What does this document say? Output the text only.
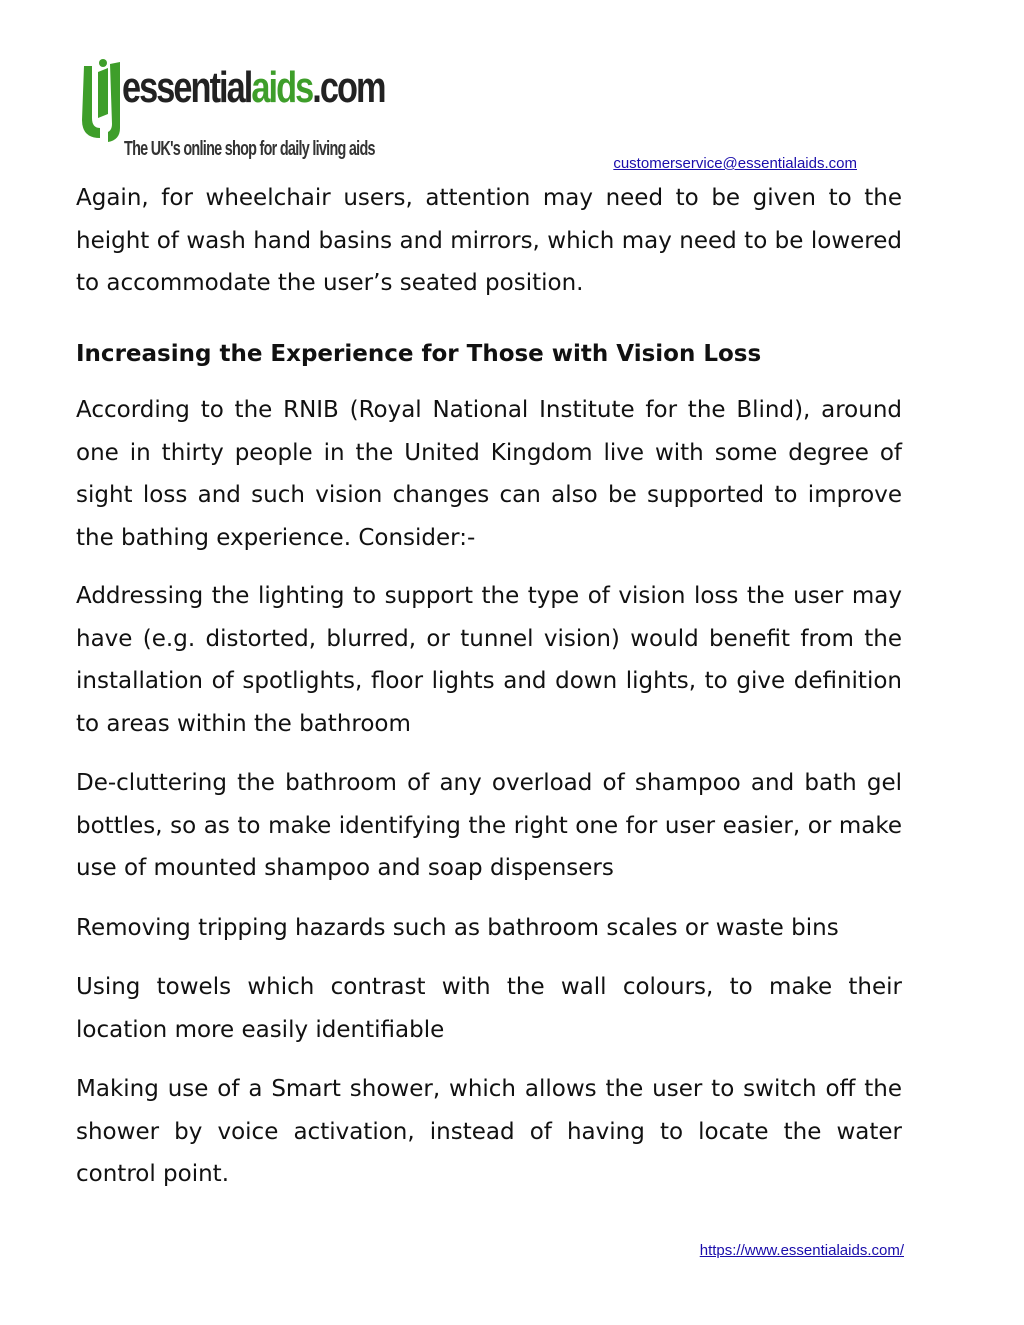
essentialaids.com
The UK's online shop for daily living aids
customerservice@essentialaids.com

Again, for wheelchair users, attention may need to be given to the height of wash hand basins and mirrors, which may need to be lowered to accommodate the user’s seated position.

Increasing the Experience for Those with Vision Loss

According to the RNIB (Royal National Institute for the Blind), around one in thirty people in the United Kingdom live with some degree of sight loss and such vision changes can also be supported to improve the bathing experience. Consider:-

Addressing the lighting to support the type of vision loss the user may have (e.g. distorted, blurred, or tunnel vision) would benefit from the installation of spotlights, floor lights and down lights, to give definition to areas within the bathroom

De-cluttering the bathroom of any overload of shampoo and bath gel bottles, so as to make identifying the right one for user easier, or make use of mounted shampoo and soap dispensers

Removing tripping hazards such as bathroom scales or waste bins

Using towels which contrast with the wall colours, to make their location more easily identifiable

Making use of a Smart shower, which allows the user to switch off the shower by voice activation, instead of having to locate the water control point.

https://www.essentialaids.com/
